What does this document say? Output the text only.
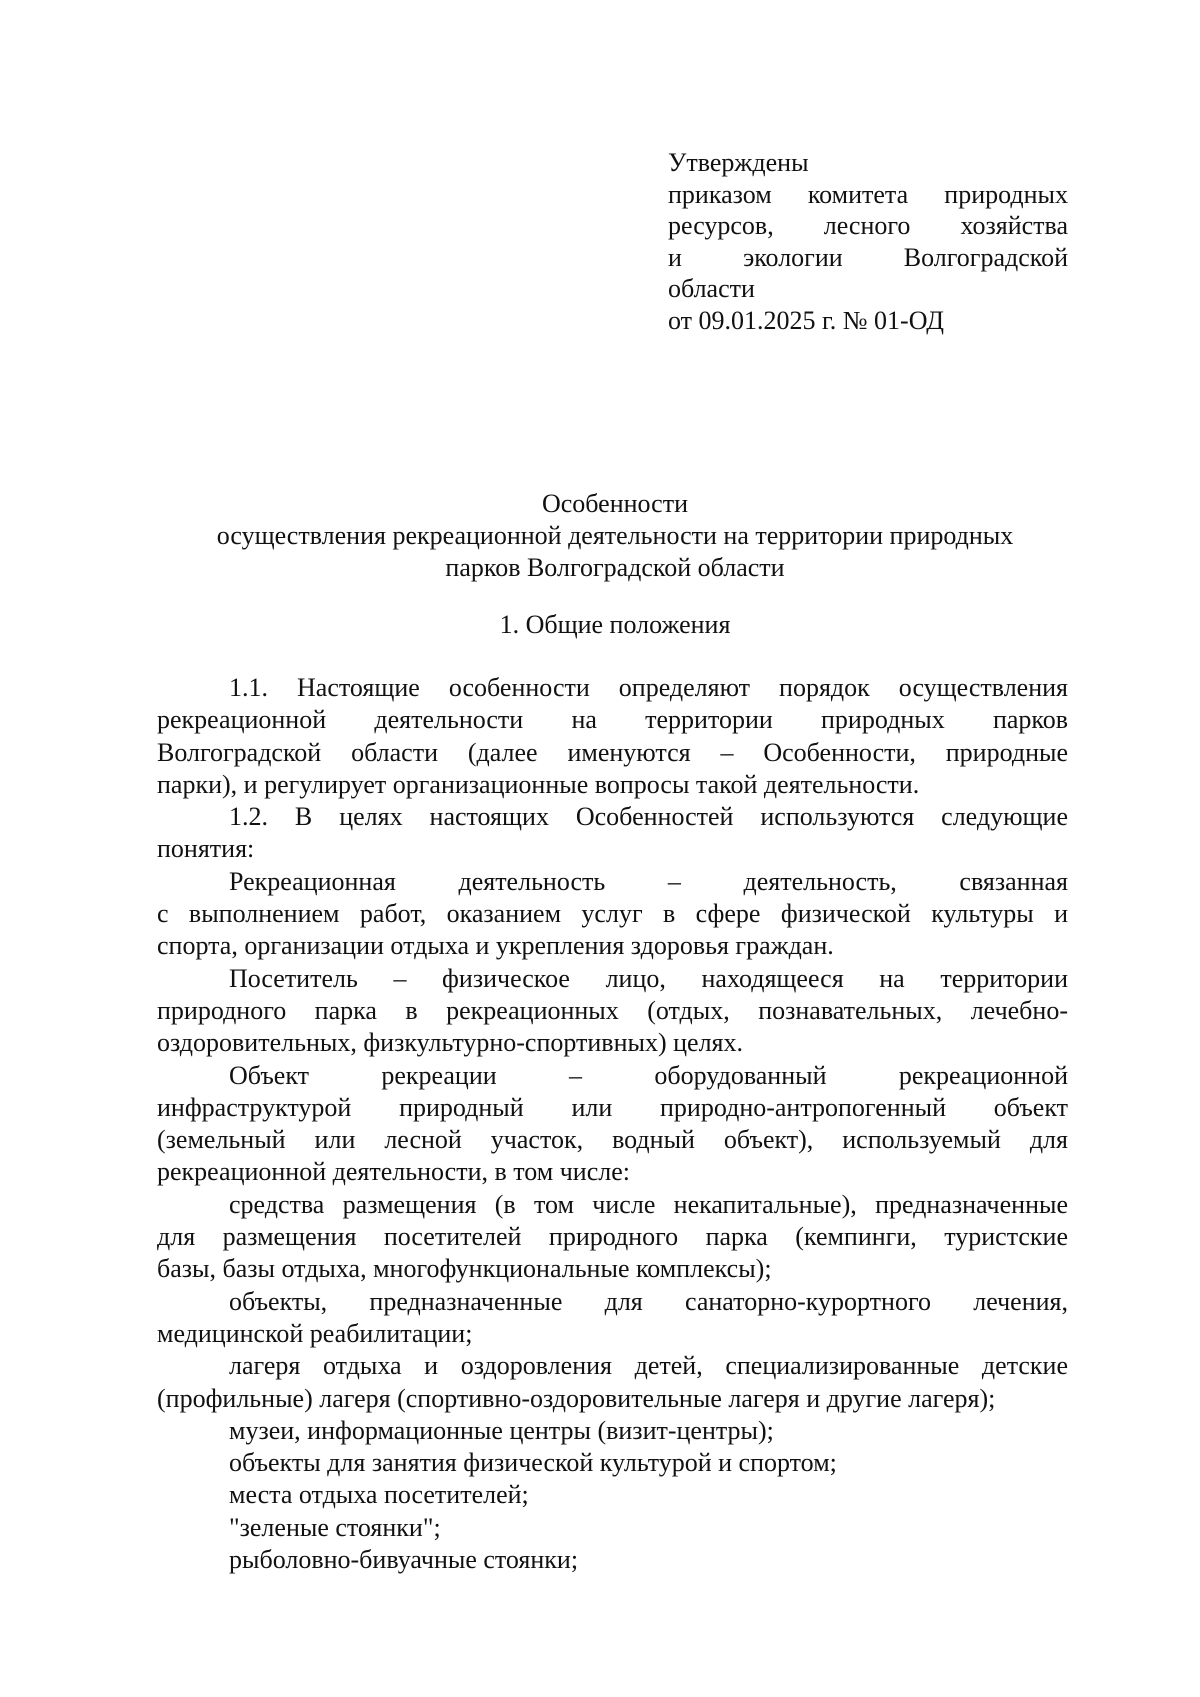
Утверждены
приказом комитета природных
ресурсов, лесного хозяйства
и экологии Волгоградской
области
от 09.01.2025 г. № 01-ОД
Особенности
осуществления рекреационной деятельности на территории природных
парков Волгоградской области
1. Общие положения
1.1. Настоящие особенности определяют порядок осуществления
рекреационной деятельности на территории природных парков
Волгоградской области (далее именуются – Особенности, природные
парки), и регулирует организационные вопросы такой деятельности.
1.2. В целях настоящих Особенностей используются следующие
понятия:
Рекреационная деятельность – деятельность, связанная
с выполнением работ, оказанием услуг в сфере физической культуры и
спорта, организации отдыха и укрепления здоровья граждан.
Посетитель – физическое лицо, находящееся на территории
природного парка в рекреационных (отдых, познавательных, лечебно-
оздоровительных, физкультурно-спортивных) целях.
Объект рекреации – оборудованный рекреационной
инфраструктурой природный или природно-антропогенный объект
(земельный или лесной участок, водный объект), используемый для
рекреационной деятельности, в том числе:
средства размещения (в том числе некапитальные), предназначенные
для размещения посетителей природного парка (кемпинги, туристские
базы, базы отдыха, многофункциональные комплексы);
объекты, предназначенные для санаторно-курортного лечения,
медицинской реабилитации;
лагеря отдыха и оздоровления детей, специализированные детские
(профильные) лагеря (спортивно-оздоровительные лагеря и другие лагеря);
музеи, информационные центры (визит-центры);
объекты для занятия физической культурой и спортом;
места отдыха посетителей;
"зеленые стоянки";
рыболовно-бивуачные стоянки;
